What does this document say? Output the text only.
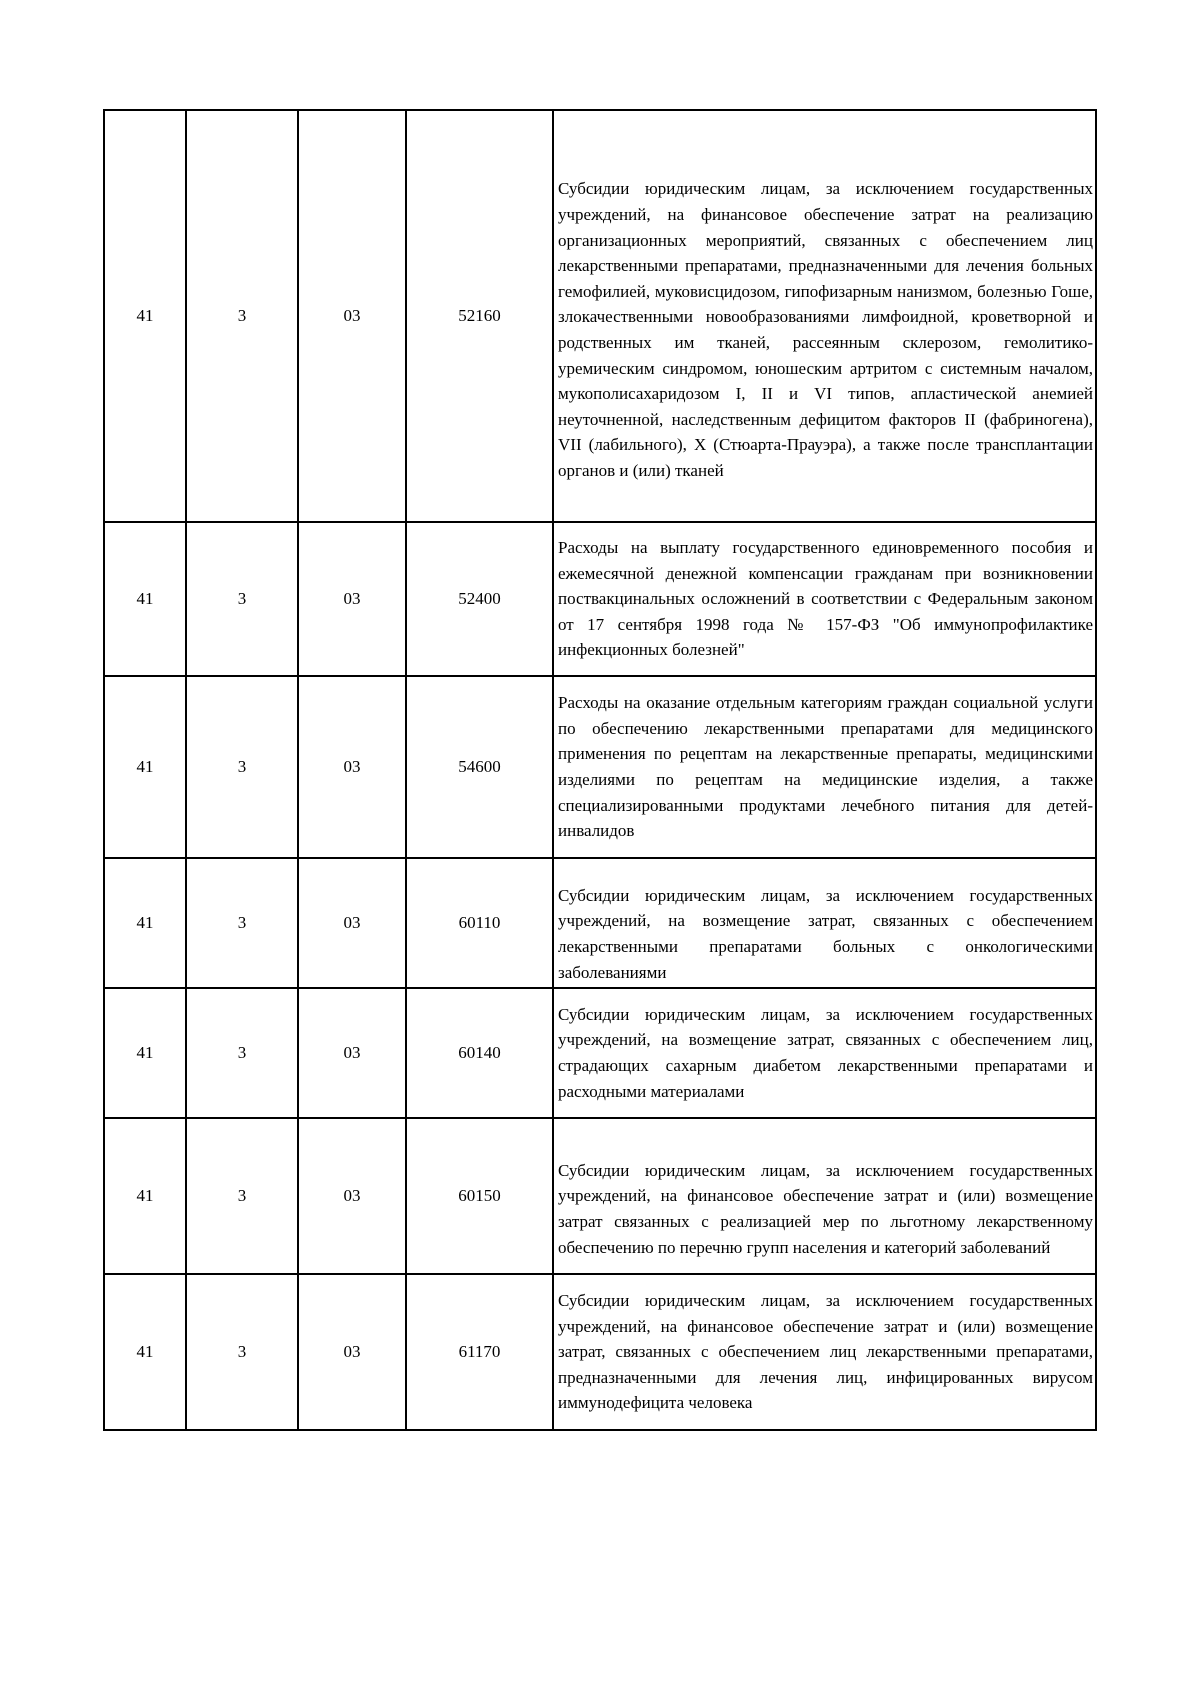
41	3	03	52160	Субсидии юридическим лицам, за исключением государственных учреждений, на финансовое обеспечение затрат на реализацию организационных мероприятий, связанных с обеспечением лиц лекарственными препаратами, предназначенными для лечения больных гемофилией, муковисцидозом, гипофизарным нанизмом, болезнью Гоше, злокачественными новообразованиями лимфоидной, кроветворной и родственных им тканей, рассеянным склерозом, гемолитико-уремическим синдромом, юношеским артритом с системным началом, мукополисахаридозом I, II и VI типов, апластической анемией неуточненной, наследственным дефицитом факторов II (фабриногена), VII (лабильного), X (Стюарта-Прауэра), а также после трансплантации органов и (или) тканей
41	3	03	52400	Расходы на выплату государственного единовременного пособия и ежемесячной денежной компенсации гражданам при возникновении поствакцинальных осложнений в соответствии с Федеральным законом от 17 сентября 1998 года № 157-ФЗ "Об иммунопрофилактике инфекционных болезней"
41	3	03	54600	Расходы на оказание отдельным категориям граждан социальной услуги по обеспечению лекарственными препаратами для медицинского применения по рецептам на лекарственные препараты, медицинскими изделиями по рецептам на медицинские изделия, а также специализированными продуктами лечебного питания для детей-инвалидов
41	3	03	60110	Субсидии юридическим лицам, за исключением государственных учреждений, на возмещение затрат, связанных с обеспечением лекарственными препаратами больных с онкологическими заболеваниями
41	3	03	60140	Субсидии юридическим лицам, за исключением государственных учреждений, на возмещение затрат, связанных с обеспечением лиц, страдающих сахарным диабетом лекарственными препаратами и расходными материалами
41	3	03	60150	Субсидии юридическим лицам, за исключением государственных учреждений, на финансовое обеспечение затрат и (или) возмещение затрат связанных с реализацией мер по льготному лекарственному обеспечению по перечню групп населения и категорий заболеваний
41	3	03	61170	Субсидии юридическим лицам, за исключением государственных учреждений, на финансовое обеспечение затрат и (или) возмещение затрат, связанных с обеспечением лиц лекарственными препаратами, предназначенными для лечения лиц, инфицированных вирусом иммунодефицита человека
